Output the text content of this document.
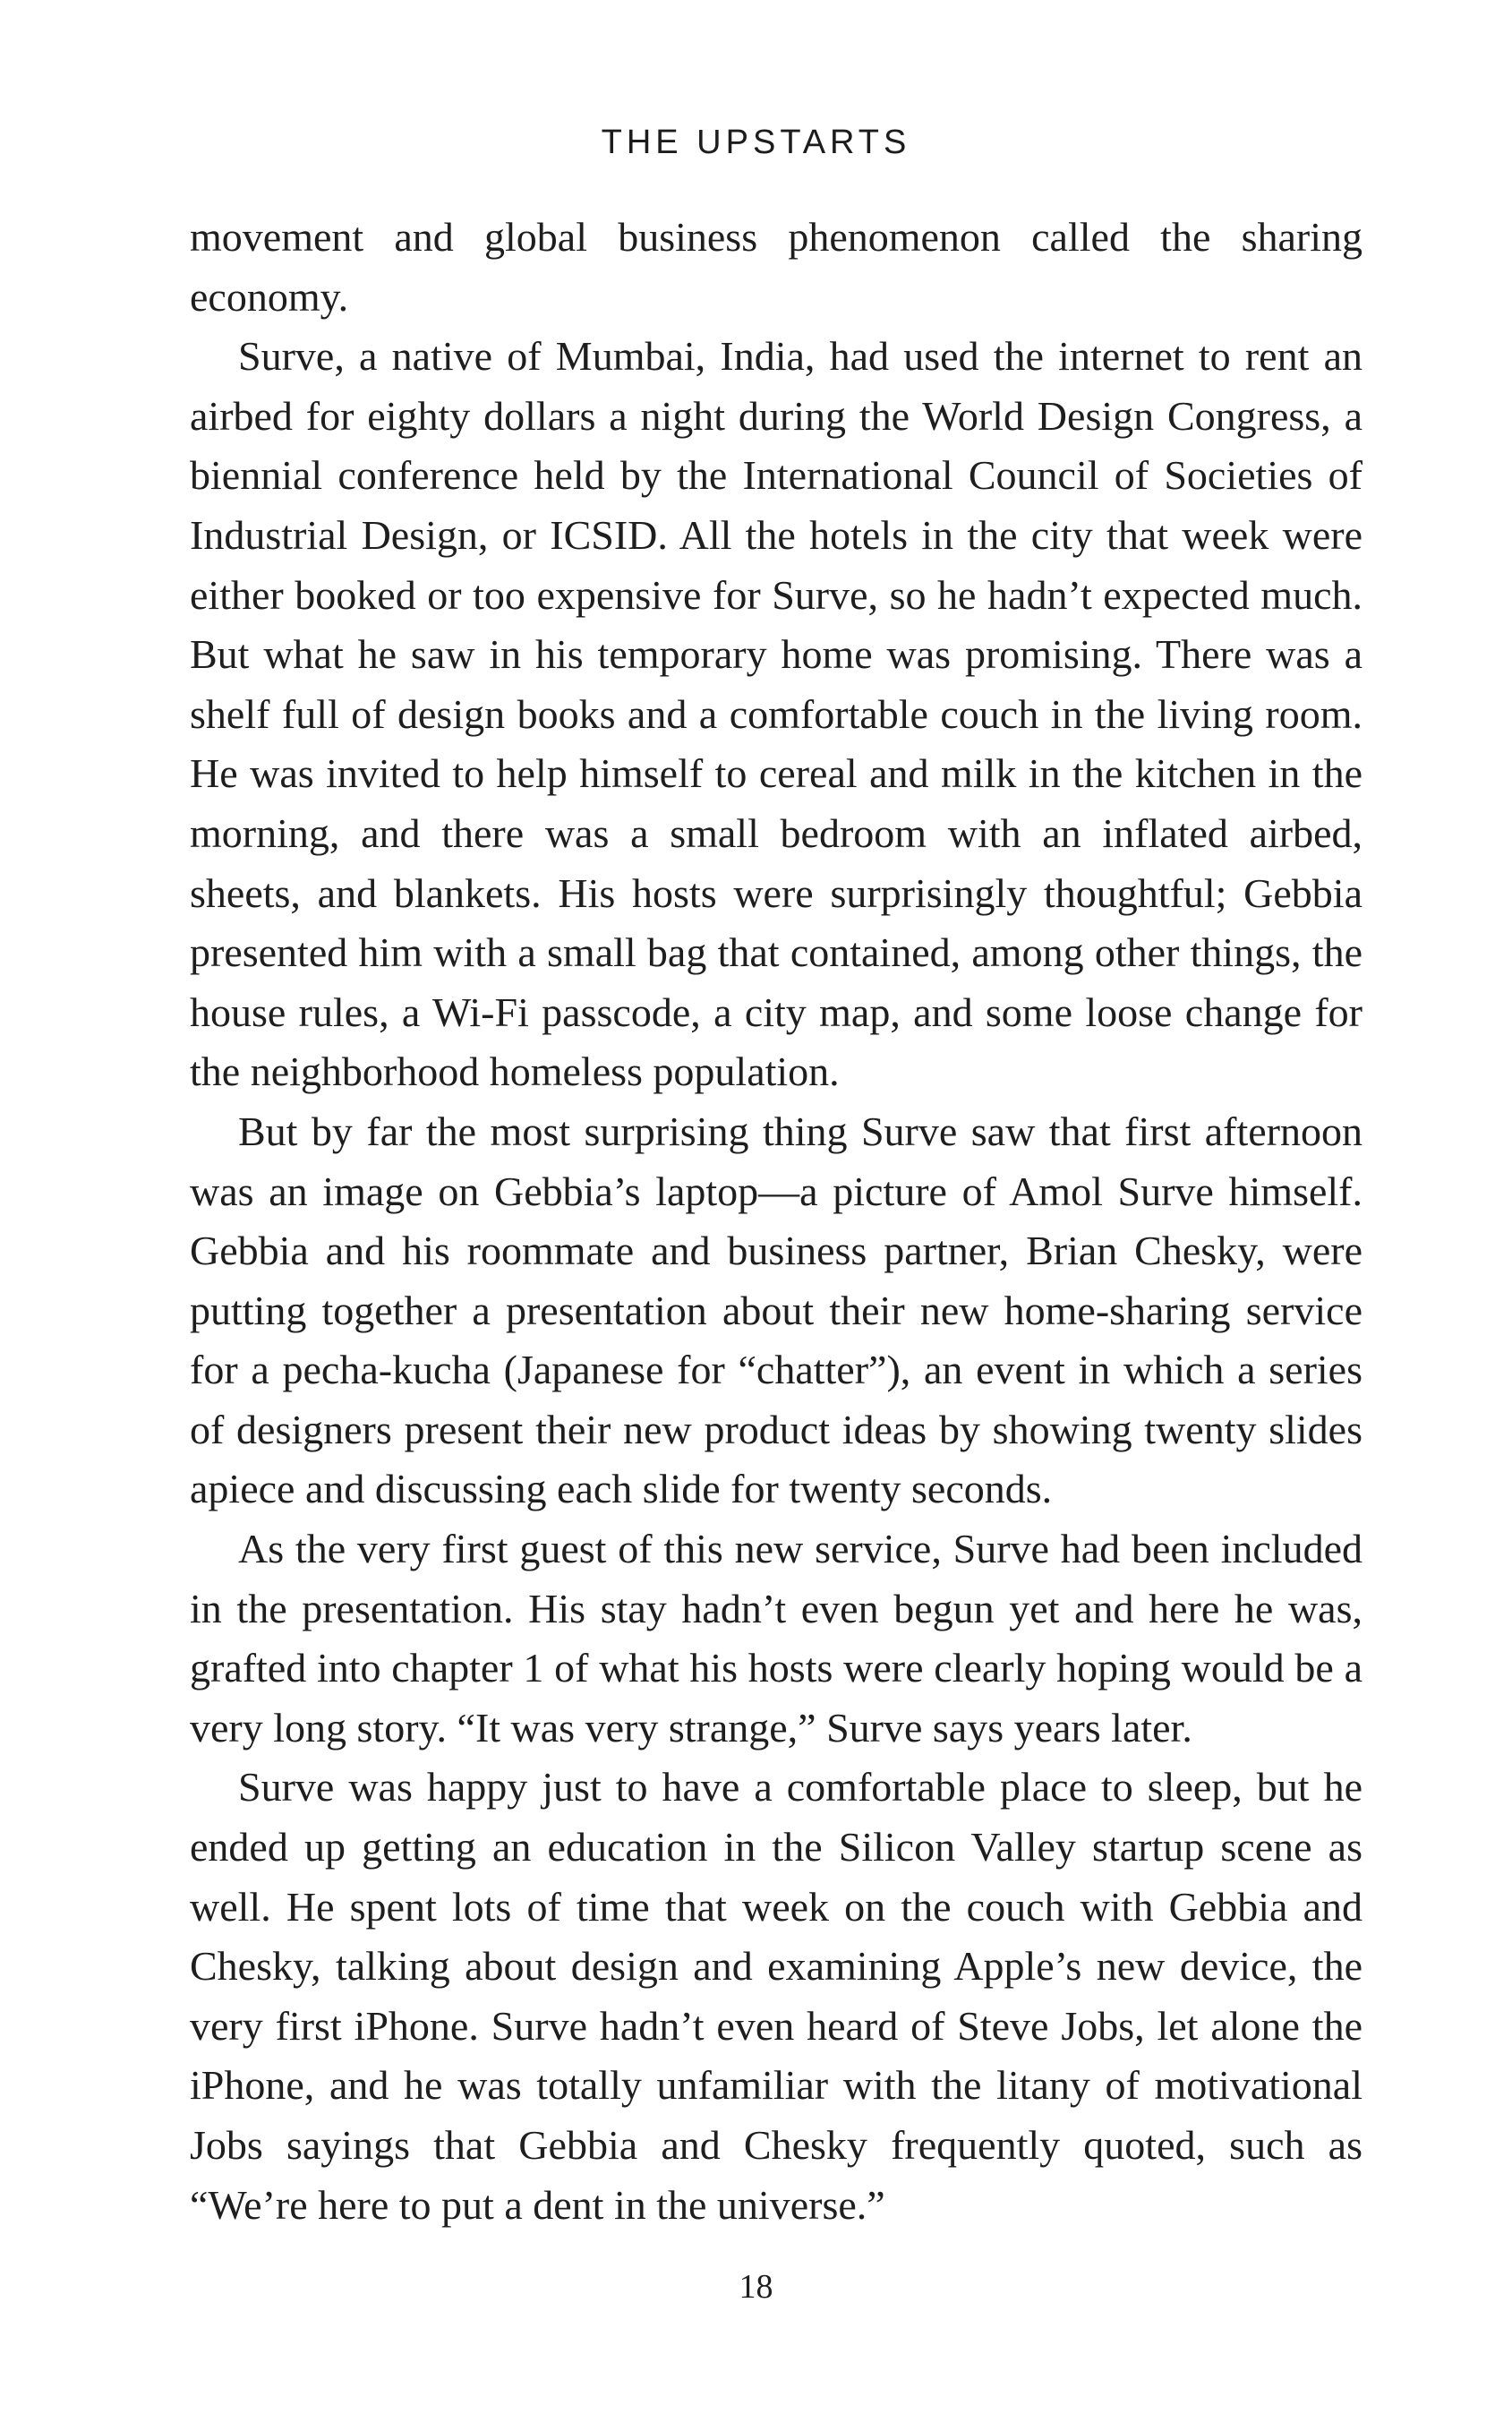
THE UPSTARTS

movement and global business phenomenon called the sharing economy.

Surve, a native of Mumbai, India, had used the internet to rent an airbed for eighty dollars a night during the World Design Congress, a biennial conference held by the International Council of Societies of Industrial Design, or ICSID. All the hotels in the city that week were either booked or too expensive for Surve, so he hadn’t expected much. But what he saw in his temporary home was promising. There was a shelf full of design books and a comfortable couch in the living room. He was invited to help himself to cereal and milk in the kitchen in the morning, and there was a small bedroom with an inflated airbed, sheets, and blankets. His hosts were surprisingly thoughtful; Gebbia presented him with a small bag that contained, among other things, the house rules, a Wi-Fi passcode, a city map, and some loose change for the neighborhood homeless population.

But by far the most surprising thing Surve saw that first afternoon was an image on Gebbia’s laptop—a picture of Amol Surve himself. Gebbia and his roommate and business partner, Brian Chesky, were putting together a presentation about their new home-sharing service for a pecha-kucha (Japanese for “chatter”), an event in which a series of designers present their new product ideas by showing twenty slides apiece and discussing each slide for twenty seconds.

As the very first guest of this new service, Surve had been included in the presentation. His stay hadn’t even begun yet and here he was, grafted into chapter 1 of what his hosts were clearly hoping would be a very long story. “It was very strange,” Surve says years later.

Surve was happy just to have a comfortable place to sleep, but he ended up getting an education in the Silicon Valley startup scene as well. He spent lots of time that week on the couch with Gebbia and Chesky, talking about design and examining Apple’s new device, the very first iPhone. Surve hadn’t even heard of Steve Jobs, let alone the iPhone, and he was totally unfamiliar with the litany of motivational Jobs sayings that Gebbia and Chesky frequently quoted, such as “We’re here to put a dent in the universe.”

18
